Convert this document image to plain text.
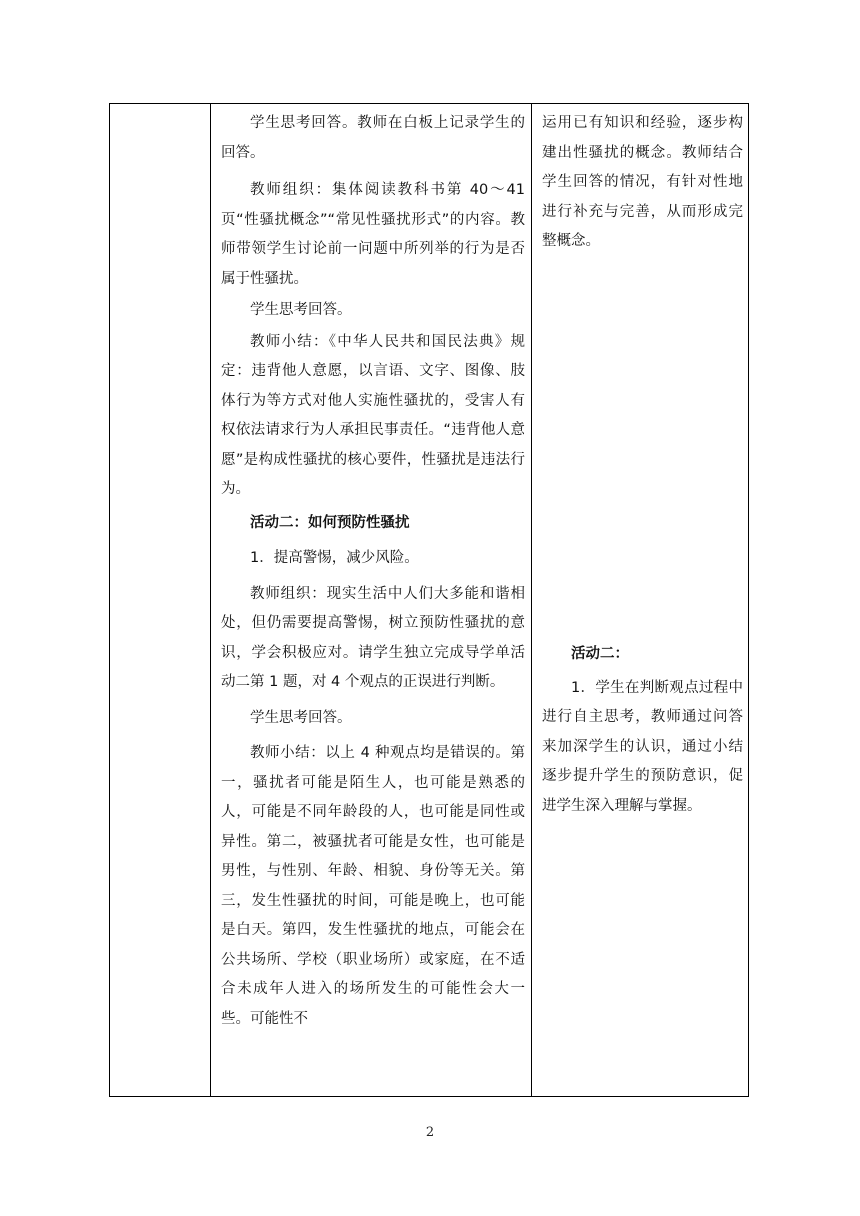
学生思考回答。教师在白板上记录学生的回答。

教师组织：集体阅读教科书第 40～41 页“性骚扰概念”“常见性骚扰形式”的内容。教师带领学生讨论前一问题中所列举的行为是否属于性骚扰。

学生思考回答。

教师小结：《中华人民共和国民法典》规定：违背他人意愿，以言语、文字、图像、肢体行为等方式对他人实施性骚扰的，受害人有权依法请求行为人承担民事责任。“违背他人意愿”是构成性骚扰的核心要件，性骚扰是违法行为。

活动二：如何预防性骚扰

1．提高警惕，减少风险。

教师组织：现实生活中人们大多能和谐相处，但仍需要提高警惕，树立预防性骚扰的意识，学会积极应对。请学生独立完成导学单活动二第 1 题，对 4 个观点的正误进行判断。

学生思考回答。

教师小结：以上 4 种观点均是错误的。第一，骚扰者可能是陌生人，也可能是熟悉的人，可能是不同年龄段的人，也可能是同性或异性。第二，被骚扰者可能是女性，也可能是男性，与性别、年龄、相貌、身份等无关。第三，发生性骚扰的时间，可能是晚上，也可能是白天。第四，发生性骚扰的地点，可能会在公共场所、学校（职业场所）或家庭，在不适合未成年人进入的场所发生的可能性会大一些。可能性不

运用已有知识和经验，逐步构建出性骚扰的概念。教师结合学生回答的情况，有针对性地进行补充与完善，从而形成完整概念。

活动二：

1．学生在判断观点过程中进行自主思考，教师通过问答来加深学生的认识，通过小结逐步提升学生的预防意识，促进学生深入理解与掌握。

2
